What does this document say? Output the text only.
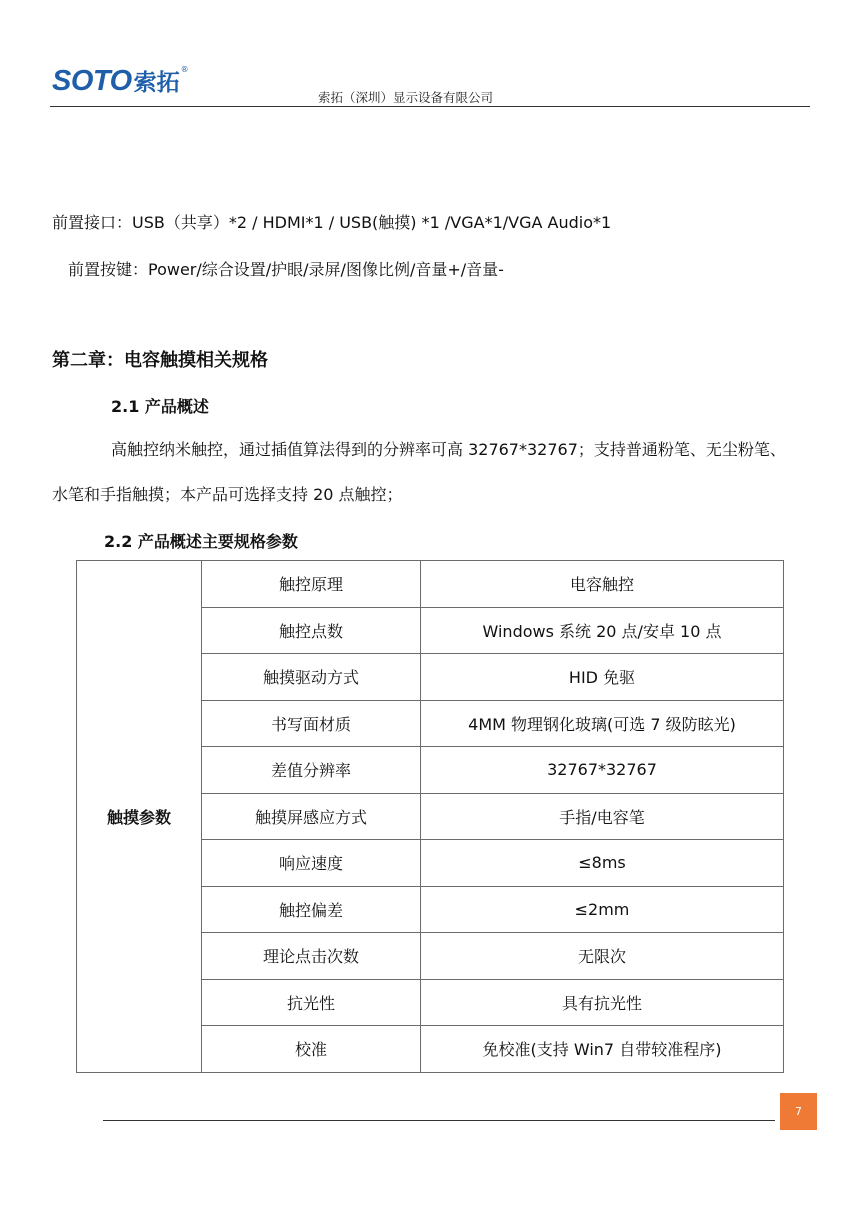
SOTO 索拓
®
索拓（深圳）显示设备有限公司
前置接口：USB（共享）*2 / HDMI*1 / USB(触摸) *1 /VGA*1/VGA Audio*1
前置按键：Power/综合设置/护眼/录屏/图像比例/音量+/音量-
第二章：电容触摸相关规格
2.1 产品概述
高触控纳米触控，通过插值算法得到的分辨率可高 32767*32767；支持普通粉笔、无尘粉笔、
水笔和手指触摸；本产品可选择支持 20 点触控；
2.2 产品概述主要规格参数
触摸参数	触控原理	电容触控
	触控点数	Windows 系统 20 点/安卓 10 点
	触摸驱动方式	HID 免驱
	书写面材质	4MM 物理钢化玻璃(可选 7 级防眩光)
	差值分辨率	32767*32767
	触摸屏感应方式	手指/电容笔
	响应速度	≤8ms
	触控偏差	≤2mm
	理论点击次数	无限次
	抗光性	具有抗光性
	校准	免校准(支持 Win7 自带较准程序)
7
